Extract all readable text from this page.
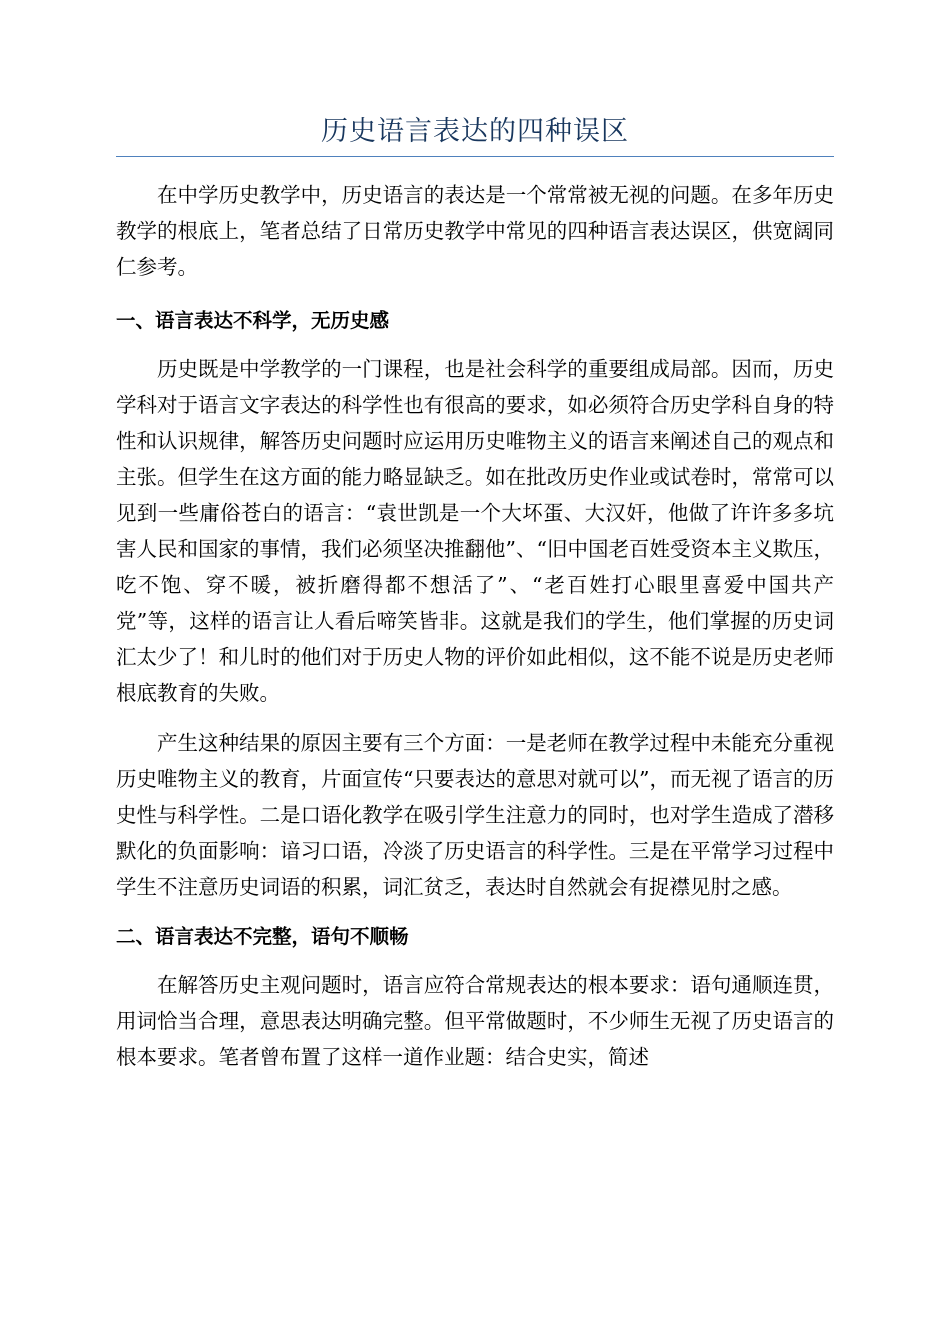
历史语言表达的四种误区

在中学历史教学中，历史语言的表达是一个常常被无视的问题。在多年历史教学的根底上，笔者总结了日常历史教学中常见的四种语言表达误区，供宽阔同仁参考。

一、语言表达不科学，无历史感

历史既是中学教学的一门课程，也是社会科学的重要组成局部。因而，历史学科对于语言文字表达的科学性也有很高的要求，如必须符合历史学科自身的特性和认识规律，解答历史问题时应运用历史唯物主义的语言来阐述自己的观点和主张。但学生在这方面的能力略显缺乏。如在批改历史作业或试卷时，常常可以见到一些庸俗苍白的语言：“袁世凯是一个大坏蛋、大汉奸，他做了许许多多坑害人民和国家的事情，我们必须坚决推翻他”、“旧中国老百姓受资本主义欺压，吃不饱、穿不暖，被折磨得都不想活了”、“老百姓打心眼里喜爱中国共产党”等，这样的语言让人看后啼笑皆非。这就是我们的学生，他们掌握的历史词汇太少了！和儿时的他们对于历史人物的评价如此相似，这不能不说是历史老师根底教育的失败。

产生这种结果的原因主要有三个方面：一是老师在教学过程中未能充分重视历史唯物主义的教育，片面宣传“只要表达的意思对就可以”，而无视了语言的历史性与科学性。二是口语化教学在吸引学生注意力的同时，也对学生造成了潜移默化的负面影响：谙习口语，冷淡了历史语言的科学性。三是在平常学习过程中学生不注意历史词语的积累，词汇贫乏，表达时自然就会有捉襟见肘之感。

二、语言表达不完整，语句不顺畅

在解答历史主观问题时，语言应符合常规表达的根本要求：语句通顺连贯，用词恰当合理，意思表达明确完整。但平常做题时，不少师生无视了历史语言的根本要求。笔者曾布置了这样一道作业题：结合史实，简述
